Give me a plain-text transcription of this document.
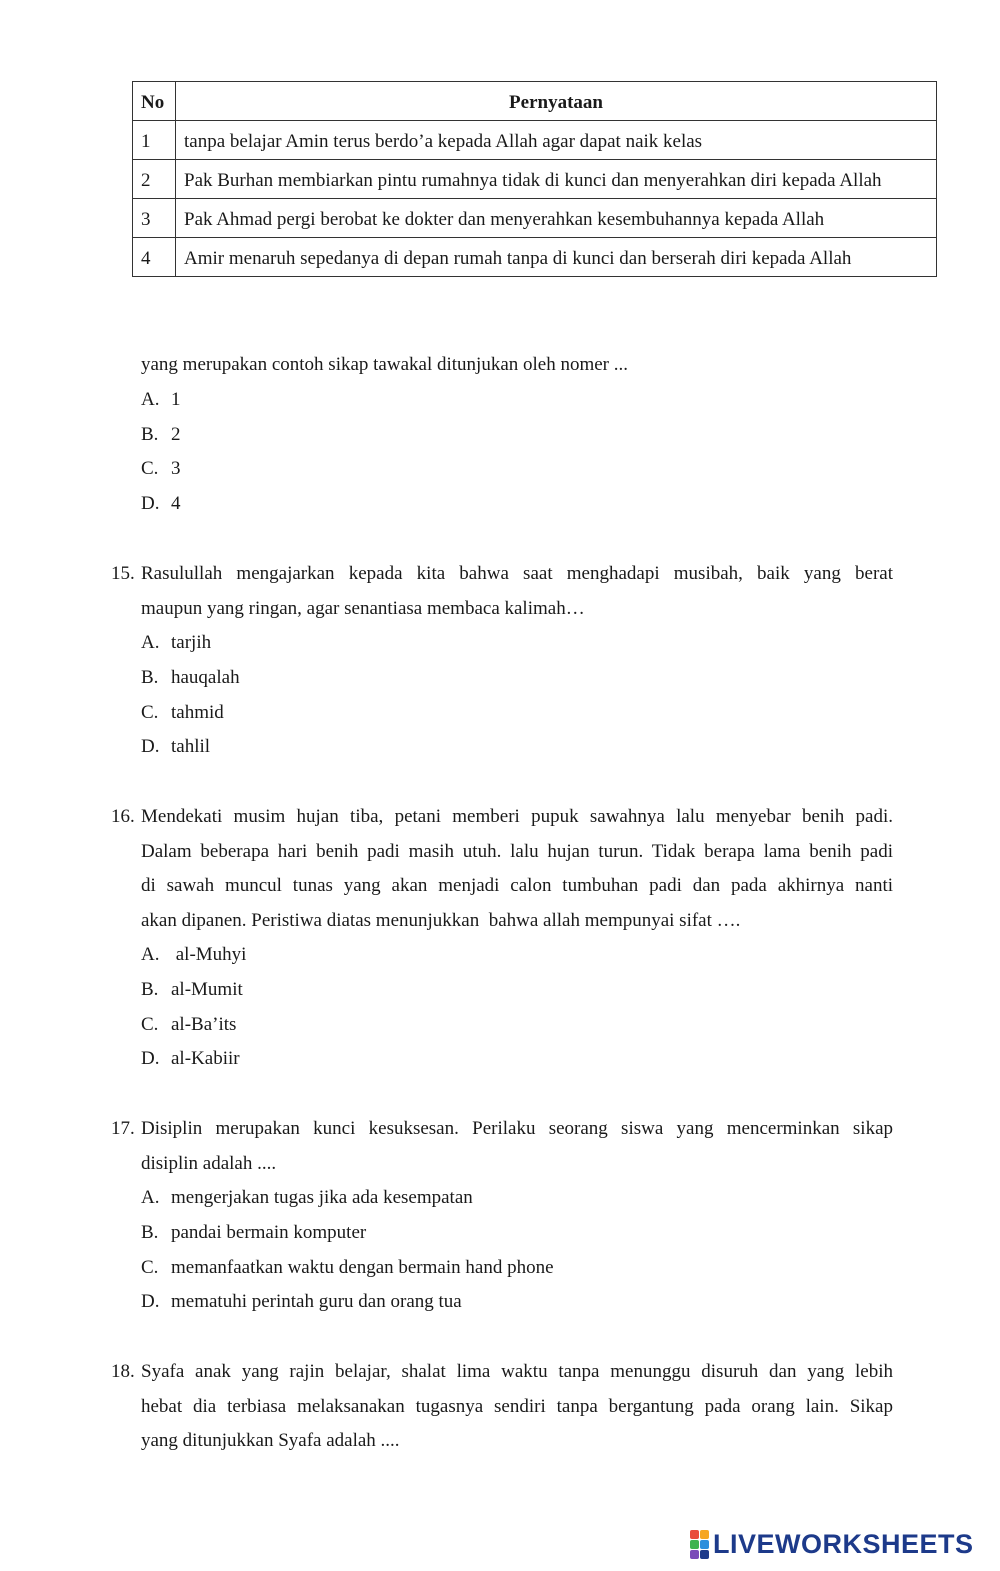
No	Pernyataan
1	tanpa belajar Amin terus berdo’a kepada Allah agar dapat naik kelas
2	Pak Burhan membiarkan pintu rumahnya tidak di kunci dan menyerahkan diri kepada Allah
3	Pak Ahmad pergi berobat ke dokter dan menyerahkan kesembuhannya kepada Allah
4	Amir menaruh sepedanya di depan rumah tanpa di kunci dan berserah diri kepada Allah
yang merupakan contoh sikap tawakal ditunjukan oleh nomer ...
A. 1
B. 2
C. 3
D. 4
15. Rasulullah mengajarkan kepada kita bahwa saat menghadapi musibah, baik yang berat
maupun yang ringan, agar senantiasa membaca kalimah…
A. tarjih
B. hauqalah
C. tahmid
D. tahlil
16. Mendekati musim hujan tiba, petani memberi pupuk sawahnya lalu menyebar benih padi.
Dalam beberapa hari benih padi masih utuh. lalu hujan turun. Tidak berapa lama benih padi
di sawah muncul tunas yang akan menjadi calon tumbuhan padi dan pada akhirnya nanti
akan dipanen. Peristiwa diatas menunjukkan  bahwa allah mempunyai sifat ….
A. al-Muhyi
B. al-Mumit
C. al-Ba’its
D. al-Kabiir
17. Disiplin merupakan kunci kesuksesan. Perilaku seorang siswa yang mencerminkan sikap
disiplin adalah ....
A. mengerjakan tugas jika ada kesempatan
B. pandai bermain komputer
C. memanfaatkan waktu dengan bermain hand phone
D. mematuhi perintah guru dan orang tua
18. Syafa anak yang rajin belajar, shalat lima waktu tanpa menunggu disuruh dan yang lebih
hebat dia terbiasa melaksanakan tugasnya sendiri tanpa bergantung pada orang lain. Sikap
yang ditunjukkan Syafa adalah ....
LIVEWORKSHEETS
